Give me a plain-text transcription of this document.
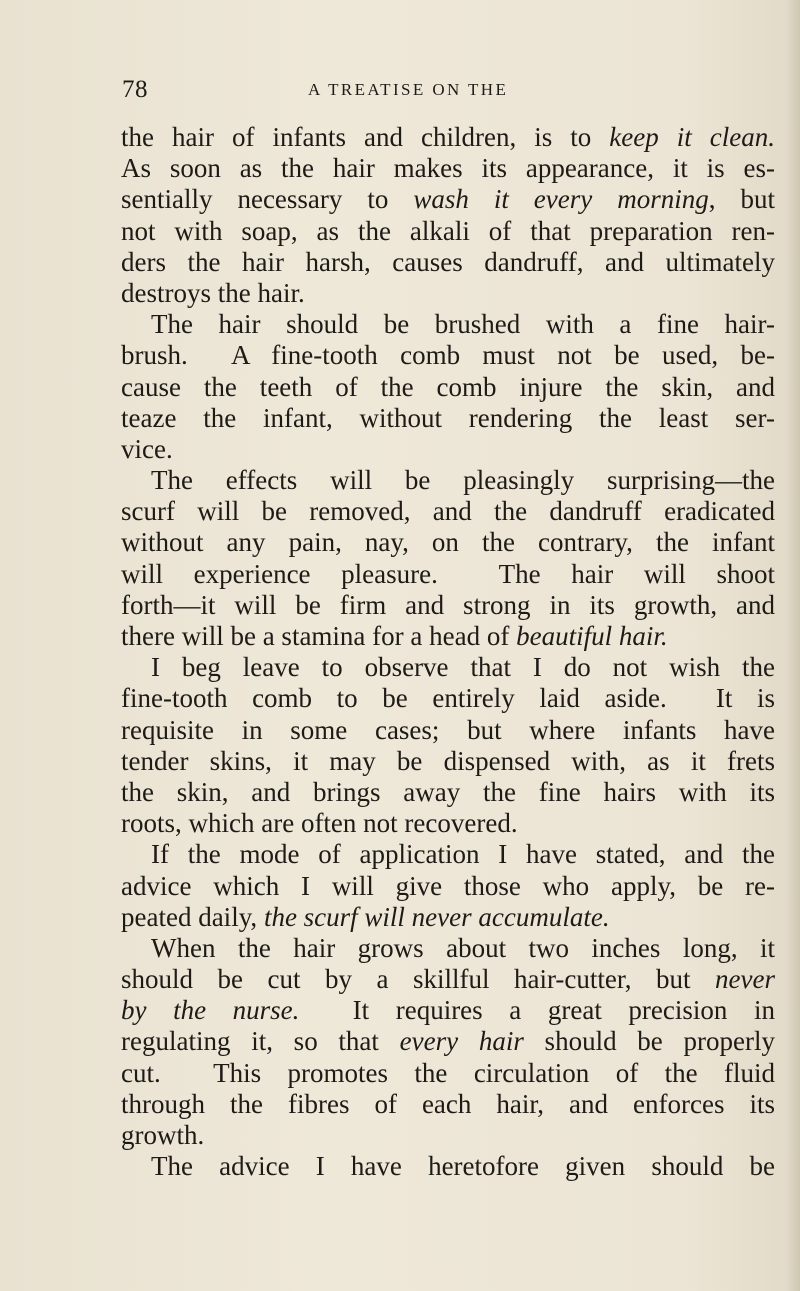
78	A TREATISE ON THE
the hair of infants and children, is to keep it clean.
As soon as the hair makes its appearance, it is es-
sentially necessary to wash it every morning, but
not with soap, as the alkali of that preparation ren-
ders the hair harsh, causes dandruff, and ultimately
destroys the hair.
The hair should be brushed with a fine hair-
brush.  A fine-tooth comb must not be used, be-
cause the teeth of the comb injure the skin, and
teaze the infant, without rendering the least ser-
vice.
The effects will be pleasingly surprising—the
scurf will be removed, and the dandruff eradicated
without any pain, nay, on the contrary, the infant
will experience pleasure.  The hair will shoot
forth—it will be firm and strong in its growth, and
there will be a stamina for a head of beautiful hair.
I beg leave to observe that I do not wish the
fine-tooth comb to be entirely laid aside.  It is
requisite in some cases; but where infants have
tender skins, it may be dispensed with, as it frets
the skin, and brings away the fine hairs with its
roots, which are often not recovered.
If the mode of application I have stated, and the
advice which I will give those who apply, be re-
peated daily, the scurf will never accumulate.
When the hair grows about two inches long, it
should be cut by a skillful hair-cutter, but never
by the nurse.  It requires a great precision in
regulating it, so that every hair should be properly
cut.  This promotes the circulation of the fluid
through the fibres of each hair, and enforces its
growth.
The advice I have heretofore given should be
